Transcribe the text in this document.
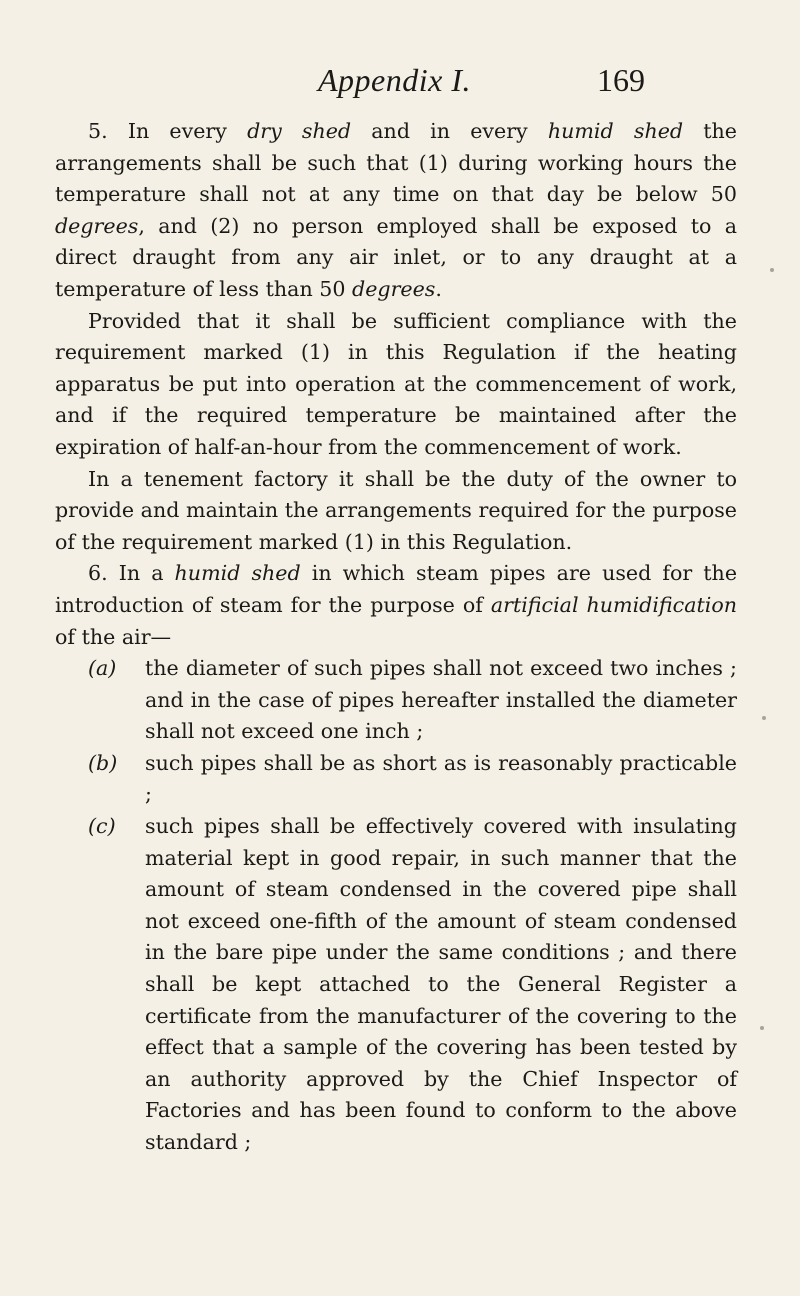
Appendix I.	169

5. In every dry shed and in every humid shed the arrangements shall be such that (1) during working hours the temperature shall not at any time on that day be below 50 degrees, and (2) no person employed shall be exposed to a direct draught from any air inlet, or to any draught at a temperature of less than 50 degrees.

Provided that it shall be sufficient compliance with the requirement marked (1) in this Regulation if the heating apparatus be put into operation at the commencement of work, and if the required temperature be maintained after the expiration of half-an-hour from the commencement of work.

In a tenement factory it shall be the duty of the owner to provide and maintain the arrangements required for the purpose of the requirement marked (1) in this Regulation.

6. In a humid shed in which steam pipes are used for the introduction of steam for the purpose of artificial humidification of the air—

(a) the diameter of such pipes shall not exceed two inches ; and in the case of pipes hereafter installed the diameter shall not exceed one inch ;

(b) such pipes shall be as short as is reasonably practicable ;

(c) such pipes shall be effectively covered with insulating material kept in good repair, in such manner that the amount of steam condensed in the covered pipe shall not exceed one-fifth of the amount of steam condensed in the bare pipe under the same conditions ; and there shall be kept attached to the General Register a certificate from the manufacturer of the covering to the effect that a sample of the covering has been tested by an authority approved by the Chief Inspector of Factories and has been found to conform to the above standard ;
